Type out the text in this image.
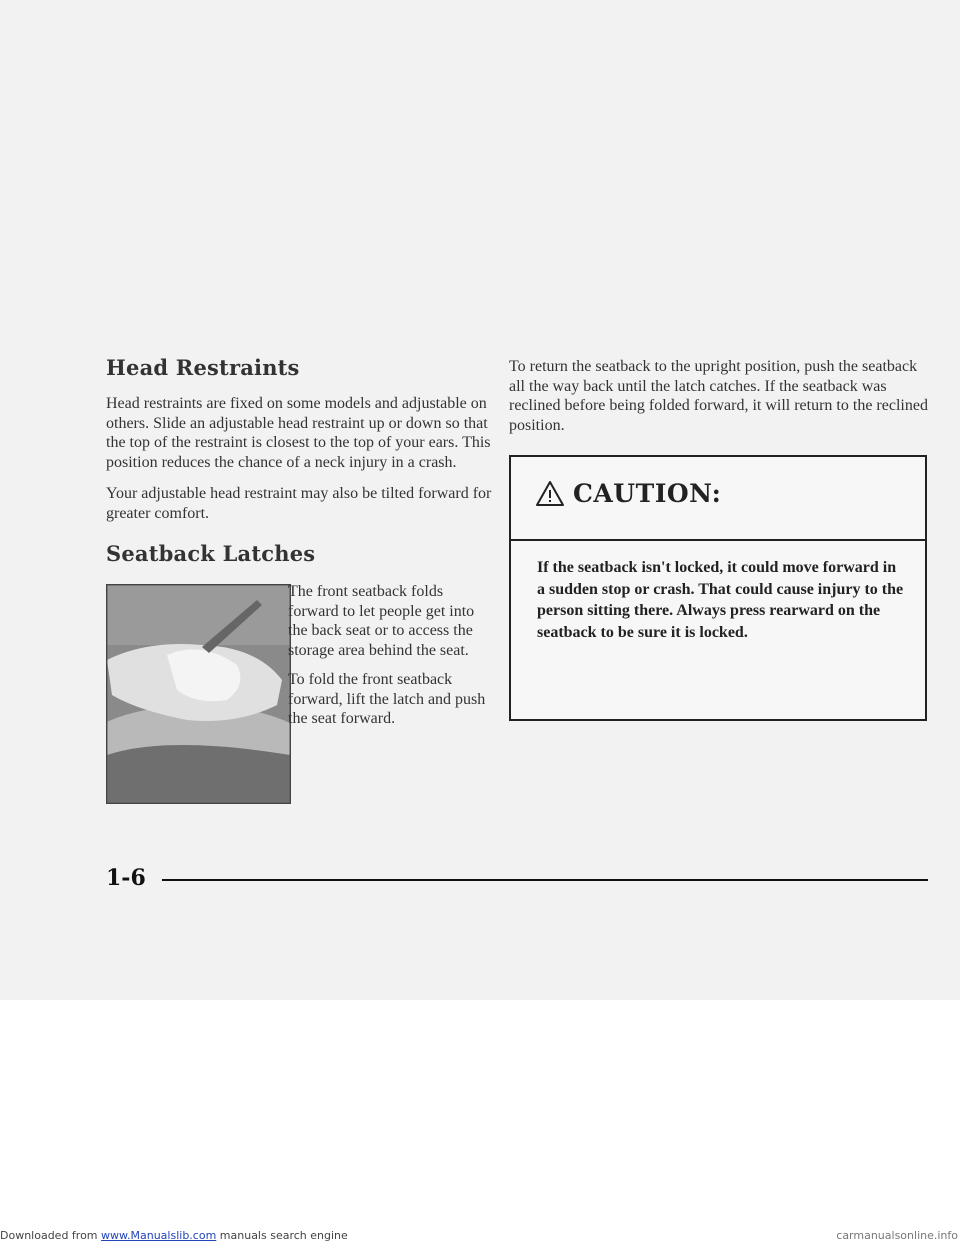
Head Restraints

Head restraints are fixed on some models and adjustable on others. Slide an adjustable head restraint up or down so that the top of the restraint is closest to the top of your ears. This position reduces the chance of a neck injury in a crash.

Your adjustable head restraint may also be tilted forward for greater comfort.

Seatback Latches

The front seatback folds forward to let people get into the back seat or to access the storage area behind the seat.

To fold the front seatback forward, lift the latch and push the seat forward.

To return the seatback to the upright position, push the seatback all the way back until the latch catches. If the seatback was reclined before being folded forward, it will return to the reclined position.

CAUTION:
If the seatback isn't locked, it could move forward in a sudden stop or crash. That could cause injury to the person sitting there. Always press rearward on the seatback to be sure it is locked.
1-6
Downloaded from www.Manualslib.com manuals search engine	carmanualsonline.info
